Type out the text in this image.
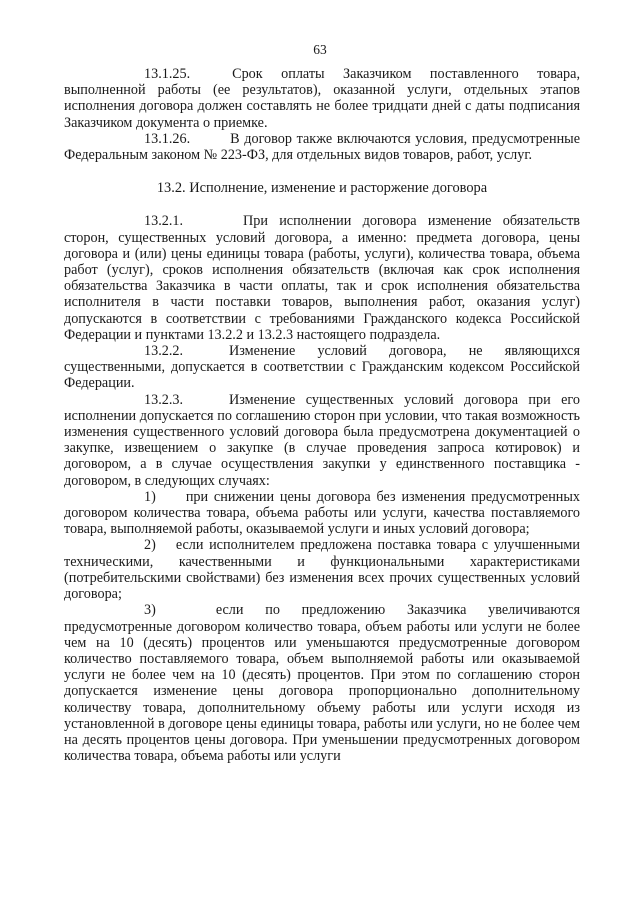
63

13.1.25.	Срок оплаты Заказчиком поставленного товара, выполненной работы (ее результатов), оказанной услуги, отдельных этапов исполнения договора должен составлять не более тридцати дней с даты подписания Заказчиком документа о приемке.

13.1.26.	В договор также включаются условия, предусмотренные Федеральным законом № 223-ФЗ, для отдельных видов товаров, работ, услуг.

13.2. Исполнение, изменение и расторжение договора

13.2.1.	При исполнении договора изменение обязательств сторон, существенных условий договора, а именно: предмета договора, цены договора и (или) цены единицы товара (работы, услуги), количества товара, объема работ (услуг), сроков исполнения обязательств (включая как срок исполнения обязательства Заказчика в части оплаты, так и срок исполнения обязательства исполнителя в части поставки товаров, выполнения работ, оказания услуг) допускаются в соответствии с требованиями Гражданского кодекса Российской Федерации и пунктами 13.2.2 и 13.2.3 настоящего подраздела.

13.2.2.	Изменение условий договора, не являющихся существенными, допускается в соответствии с Гражданским кодексом Российской Федерации.

13.2.3.	Изменение существенных условий договора при его исполнении допускается по соглашению сторон при условии, что такая возможность изменения существенного условий договора была предусмотрена документацией о закупке, извещением о закупке (в случае проведения запроса котировок) и договором, а в случае осуществления закупки у единственного поставщика - договором, в следующих случаях:

1) при снижении цены договора без изменения предусмотренных договором количества товара, объема работы или услуги, качества поставляемого товара, выполняемой работы, оказываемой услуги и иных условий договора;

2) если исполнителем предложена поставка товара с улучшенными техническими, качественными и функциональными характеристиками (потребительскими свойствами) без изменения всех прочих существенных условий договора;

3)	если по предложению Заказчика увеличиваются предусмотренные договором количество товара, объем работы или услуги не более чем на 10 (десять) процентов или уменьшаются предусмотренные договором количество поставляемого товара, объем выполняемой работы или оказываемой услуги не более чем на 10 (десять) процентов. При этом по соглашению сторон допускается изменение цены договора пропорционально дополнительному количеству товара, дополнительному объему работы или услуги исходя из установленной в договоре цены единицы товара, работы или услуги, но не более чем на десять процентов цены договора. При уменьшении предусмотренных договором количества товара, объема работы или услуги
